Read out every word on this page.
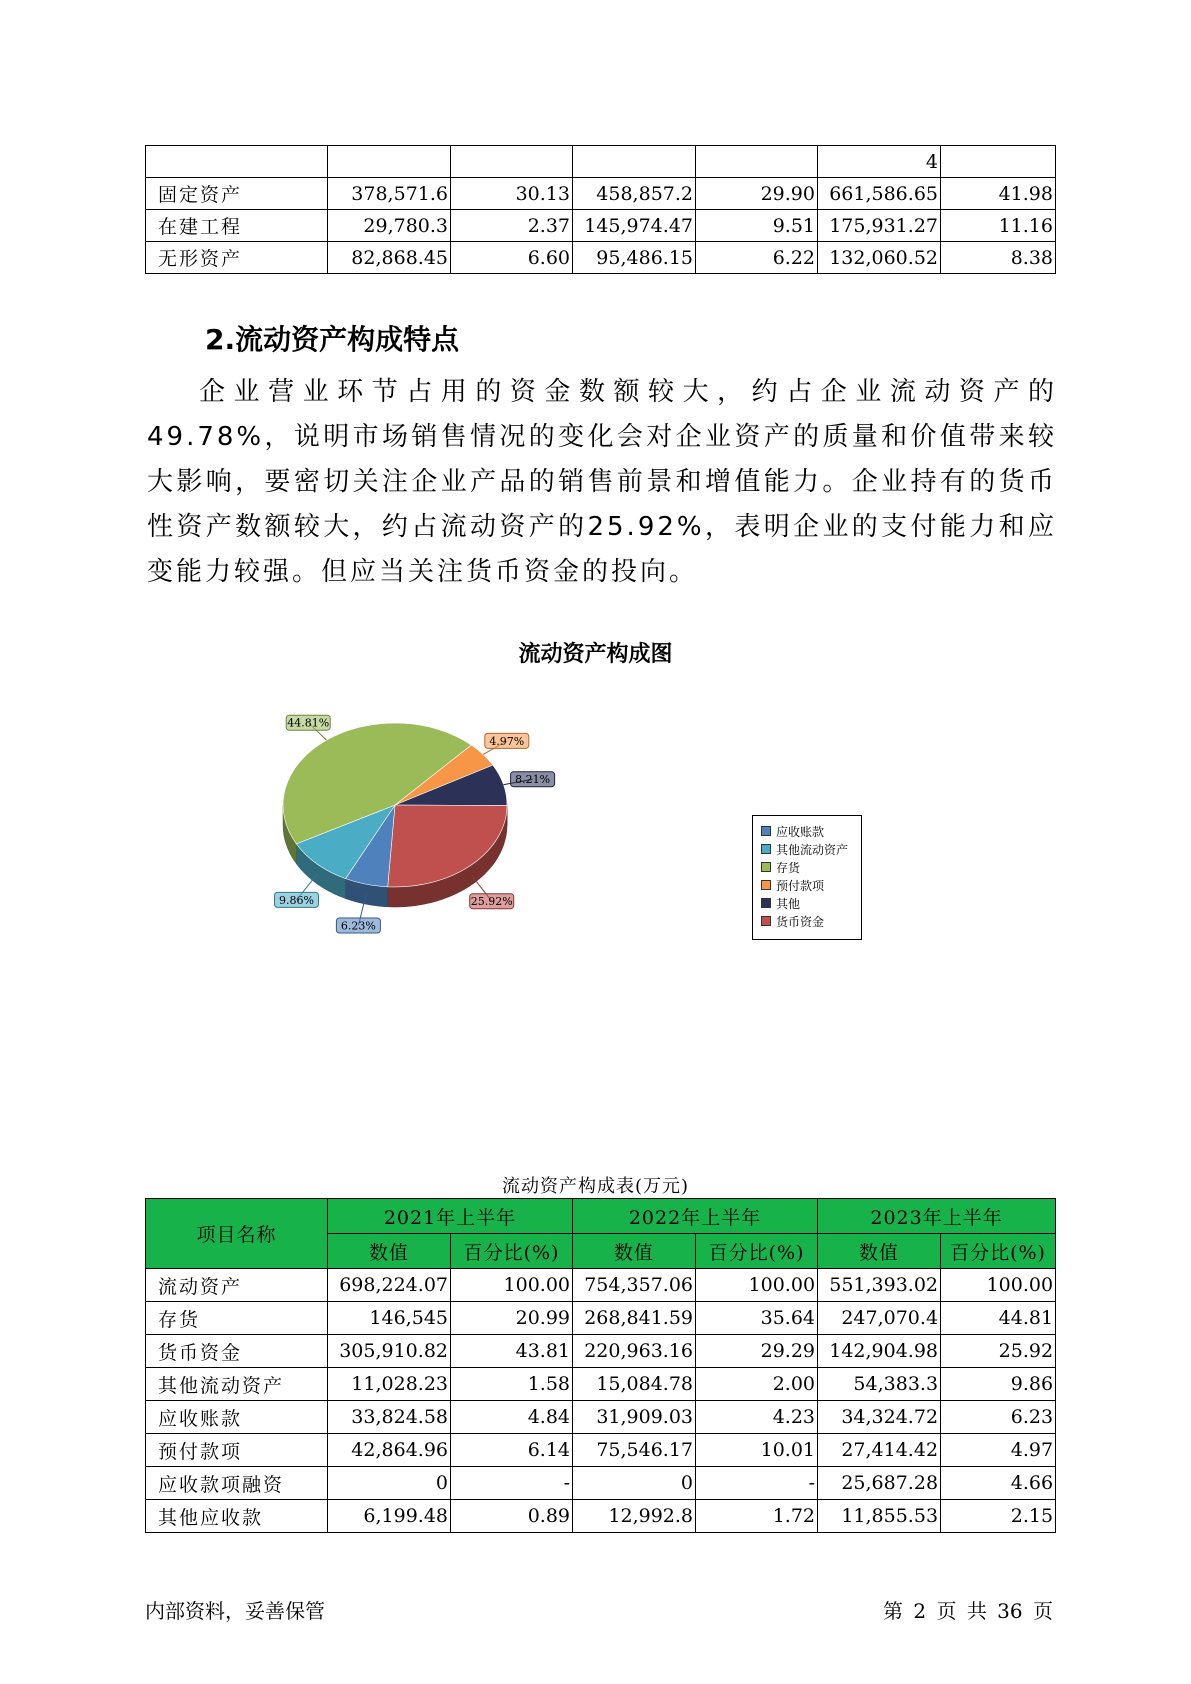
					4	
固定资产	378,571.6	30.13	458,857.2	29.90	661,586.65	41.98
在建工程	29,780.3	2.37	145,974.47	9.51	175,931.27	11.16
无形资产	82,868.45	6.60	95,486.15	6.22	132,060.52	8.38
2.流动资产构成特点
企业营业环节占用的资金数额较大，约占企业流动资产的49.78%，说明市场销售情况的变化会对企业资产的质量和价值带来较大影响，要密切关注企业产品的销售前景和增值能力。企业持有的货币性资产数额较大，约占流动资产的25.92%，表明企业的支付能力和应变能力较强。但应当关注货币资金的投向。
流动资产构成图
4.97%
8.21%
25.92%
6.23%
9.86%
44.81%
应收账款
其他流动资产
存货
预付款项
其他
货币资金
流动资产构成表(万元)
项目名称	2021年上半年		2022年上半年		2023年上半年	
	数值	百分比(%)	数值	百分比(%)	数值	百分比(%)
流动资产	698,224.07	100.00	754,357.06	100.00	551,393.02	100.00
存货	146,545	20.99	268,841.59	35.64	247,070.4	44.81
货币资金	305,910.82	43.81	220,963.16	29.29	142,904.98	25.92
其他流动资产	11,028.23	1.58	15,084.78	2.00	54,383.3	9.86
应收账款	33,824.58	4.84	31,909.03	4.23	34,324.72	6.23
预付款项	42,864.96	6.14	75,546.17	10.01	27,414.42	4.97
应收款项融资	0	-	0	-	25,687.28	4.66
其他应收款	6,199.48	0.89	12,992.8	1.72	11,855.53	2.15
内部资料，妥善保管	第 2 页 共 36 页
